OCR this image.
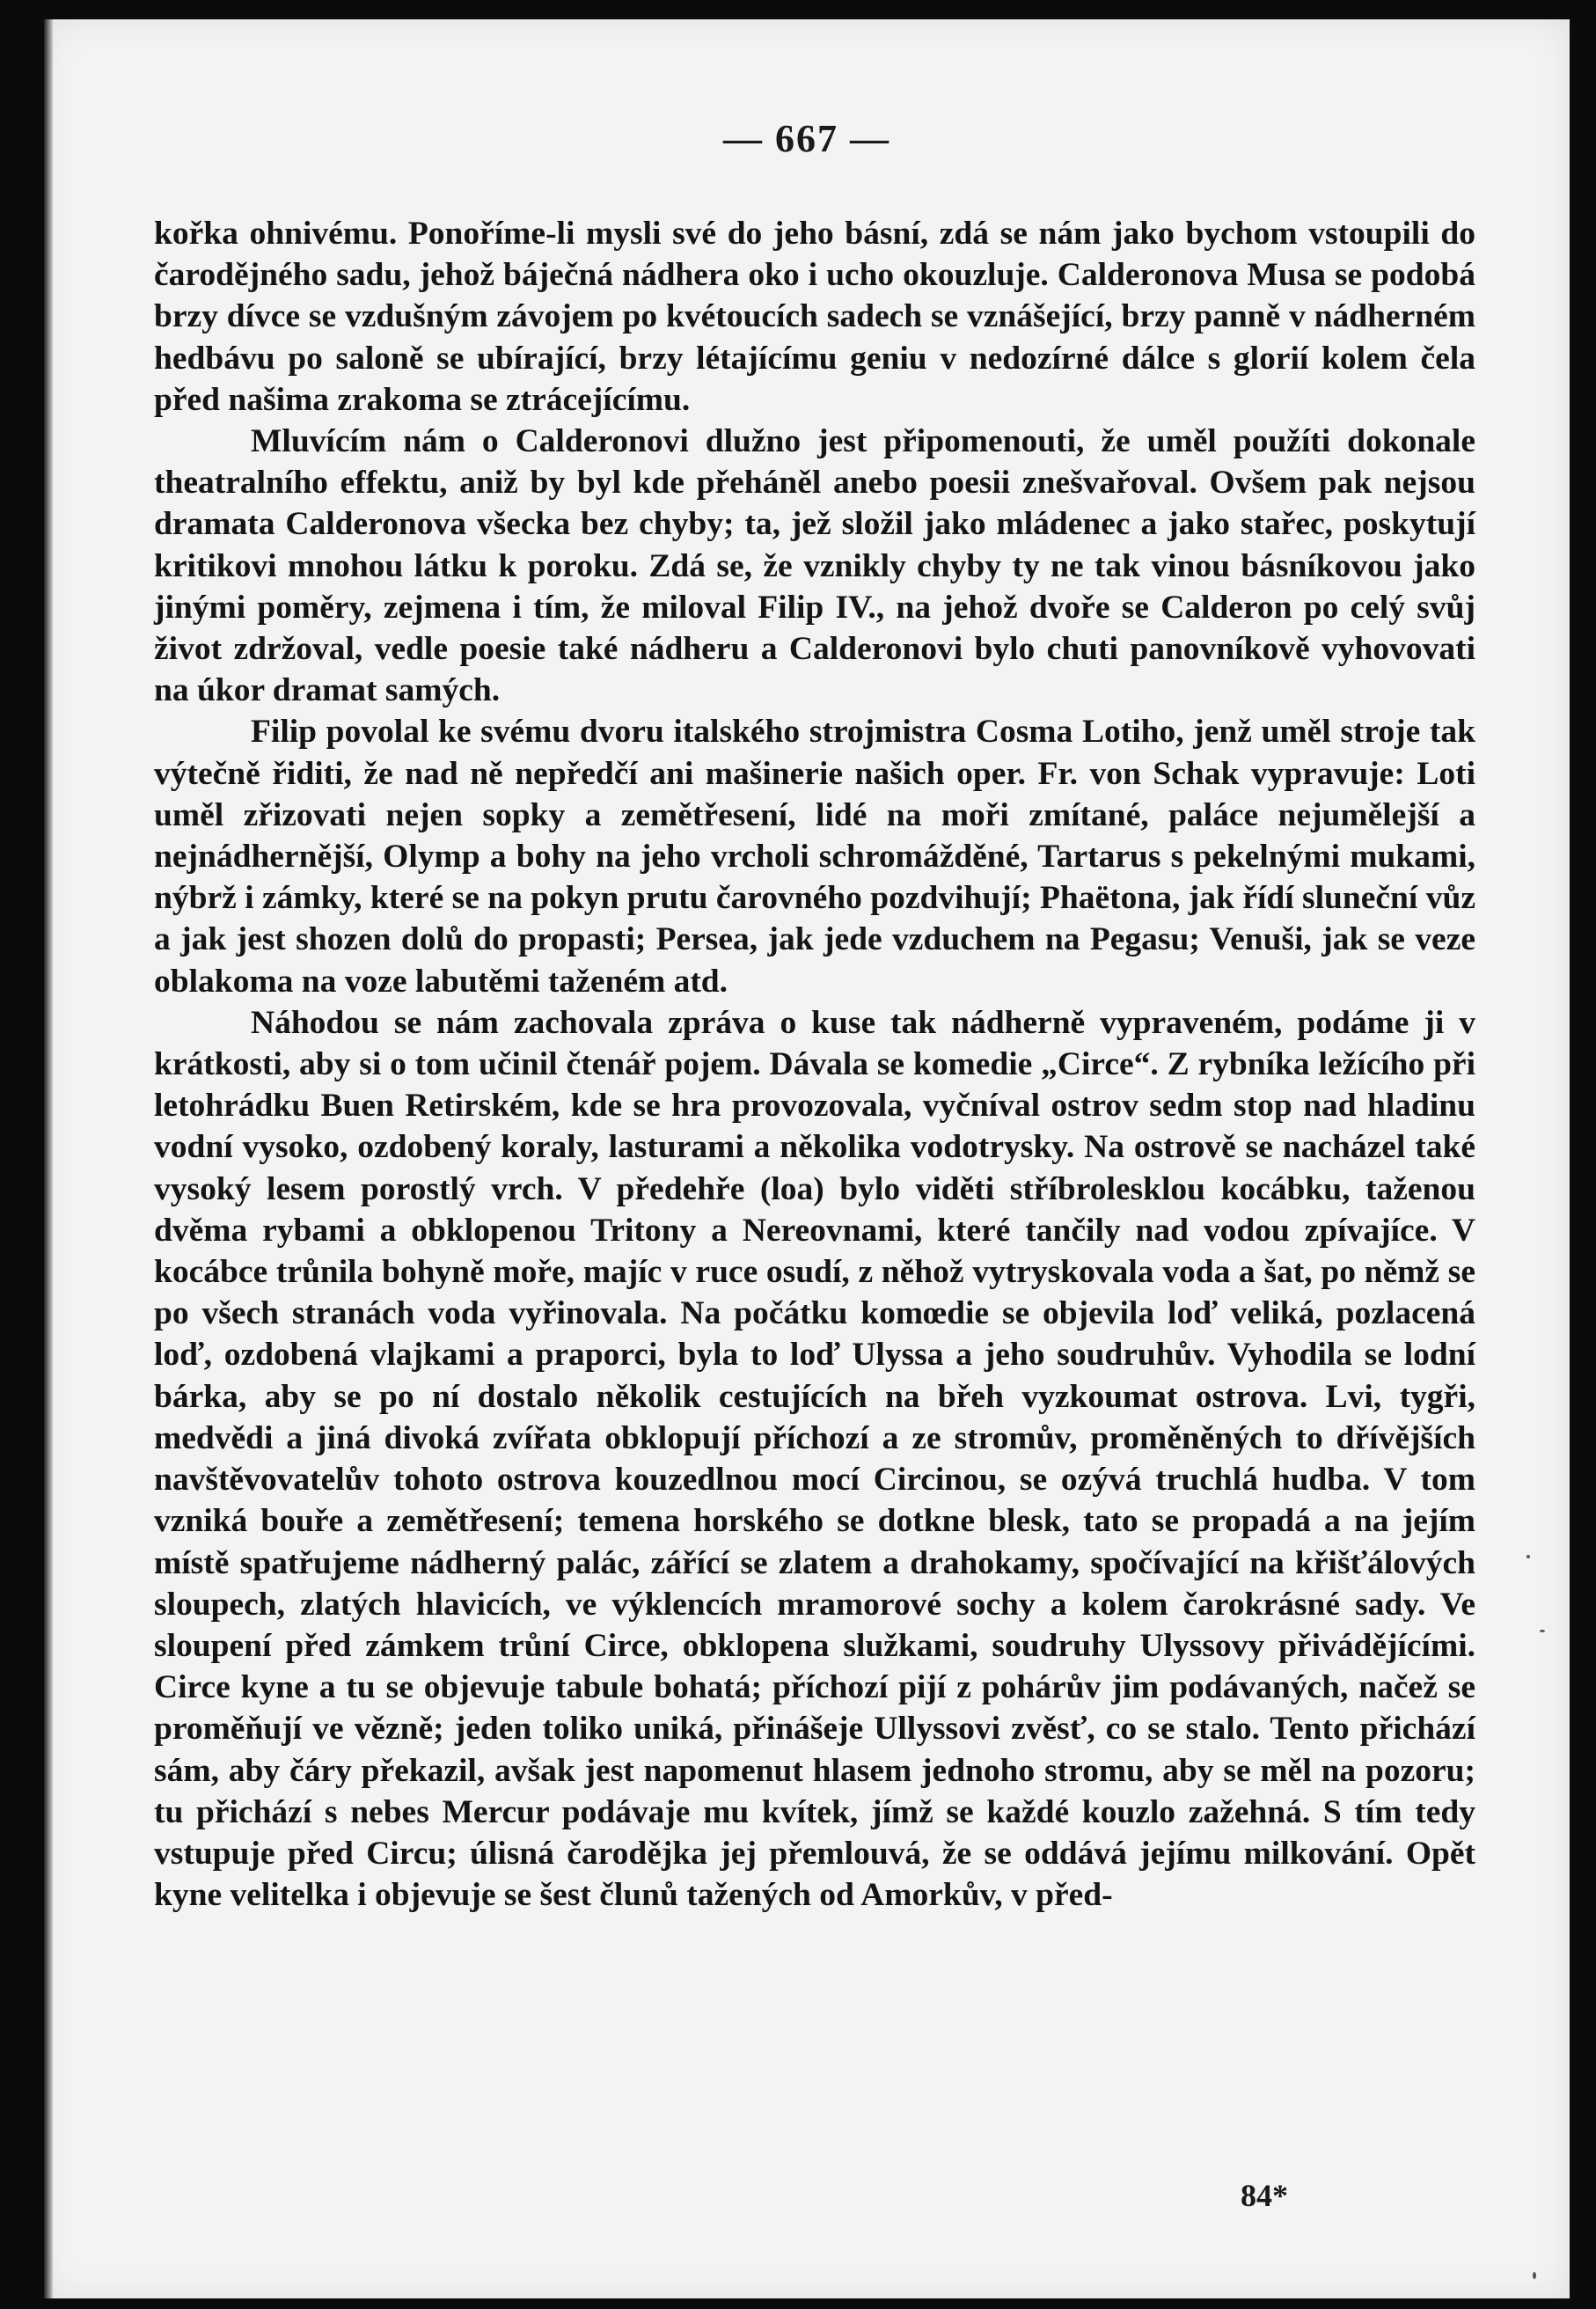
— 667 —

kořka ohnivému. Ponoříme-li mysli své do jeho básní, zdá se nám jako bychom vstoupili do čarodějného sadu, jehož báječná nádhera oko i ucho okouzluje. Calderonova Musa se podobá brzy dívce se vzdušným závojem po kvétoucích sadech se vznášející, brzy panně v nádherném hedbávu po saloně se ubírající, brzy létajícímu geniu v nedozírné dálce s glorií kolem čela před našima zrakoma se ztrácejícímu.

Mluvícím nám o Calderonovi dlužno jest připomenouti, že uměl použíti dokonale theatralního effektu, aniž by byl kde přeháněl anebo poesii znešvařoval. Ovšem pak nejsou dramata Calderonova všecka bez chyby; ta, jež složil jako mládenec a jako stařec, poskytují kritikovi mnohou látku k poroku. Zdá se, že vznikly chyby ty ne tak vinou básníkovou jako jinými poměry, zejmena i tím, že miloval Filip IV., na jehož dvoře se Calderon po celý svůj život zdržoval, vedle poesie také nádheru a Calderonovi bylo chuti panovníkově vyhovovati na úkor dramat samých.

Filip povolal ke svému dvoru italského strojmistra Cosma Lotiho, jenž uměl stroje tak výtečně řiditi, že nad ně nepředčí ani mašinerie našich oper. Fr. von Schak vypravuje: Loti uměl zřizovati nejen sopky a zemětřesení, lidé na moři zmítané, paláce nejumělejší a nejnádhernější, Olymp a bohy na jeho vrcholi schromážděné, Tartarus s pekelnými mukami, nýbrž i zámky, které se na pokyn prutu čarovného pozdvihují; Phaëtona, jak řídí sluneční vůz a jak jest shozen dolů do propasti; Persea, jak jede vzduchem na Pegasu; Venuši, jak se veze oblakoma na voze labutěmi taženém atd.

Náhodou se nám zachovala zpráva o kuse tak nádherně vypraveném, podáme ji v krátkosti, aby si o tom učinil čtenář pojem. Dávala se komedie „Circe“. Z rybníka ležícího při letohrádku Buen Retirském, kde se hra provozovala, vyčníval ostrov sedm stop nad hladinu vodní vysoko, ozdobený koraly, lasturami a několika vodotrysky. Na ostrově se nacházel také vysoký lesem porostlý vrch. V předehře (loa) bylo viděti stříbrolesklou kocábku, taženou dvěma rybami a obklopenou Tritony a Nereovnami, které tančily nad vodou zpívajíce. V kocábce trůnila bohyně moře, majíc v ruce osudí, z něhož vytryskovala voda a šat, po němž se po všech stranách voda vyřinovala. Na počátku komœdie se objevila loď veliká, pozlacená loď, ozdobená vlajkami a praporci, byla to loď Ulyssa a jeho soudruhův. Vyhodila se lodní bárka, aby se po ní dostalo několik cestujících na břeh vyzkoumat ostrova. Lvi, tygři, medvědi a jiná divoká zvířata obklopují příchozí a ze stromův, proměněných to dřívějších navštěvovatelův tohoto ostrova kouzedlnou mocí Circinou, se ozývá truchlá hudba. V tom vzniká bouře a zemětřesení; temena horského se dotkne blesk, tato se propadá a na jejím místě spatřujeme nádherný palác, zářící se zlatem a drahokamy, spočívající na křišťálových sloupech, zlatých hlavicích, ve výklencích mramorové sochy a kolem čarokrásné sady. Ve sloupení před zámkem trůní Circe, obklopena služkami, soudruhy Ulyssovy přivádějícími. Circe kyne a tu se objevuje tabule bohatá; příchozí pijí z pohárův jim podávaných, načež se proměňují ve vězně; jeden toliko uniká, přinášeje Ullyssovi zvěsť, co se stalo. Tento přichází sám, aby čáry překazil, avšak jest napomenut hlasem jednoho stromu, aby se měl na pozoru; tu přichází s nebes Mercur podávaje mu kvítek, jímž se každé kouzlo zažehná. S tím tedy vstupuje před Circu; úlisná čarodějka jej přemlouvá, že se oddává jejímu milkování. Opět kyne velitelka i objevuje se šest člunů tažených od Amorkův, v před-

84*
